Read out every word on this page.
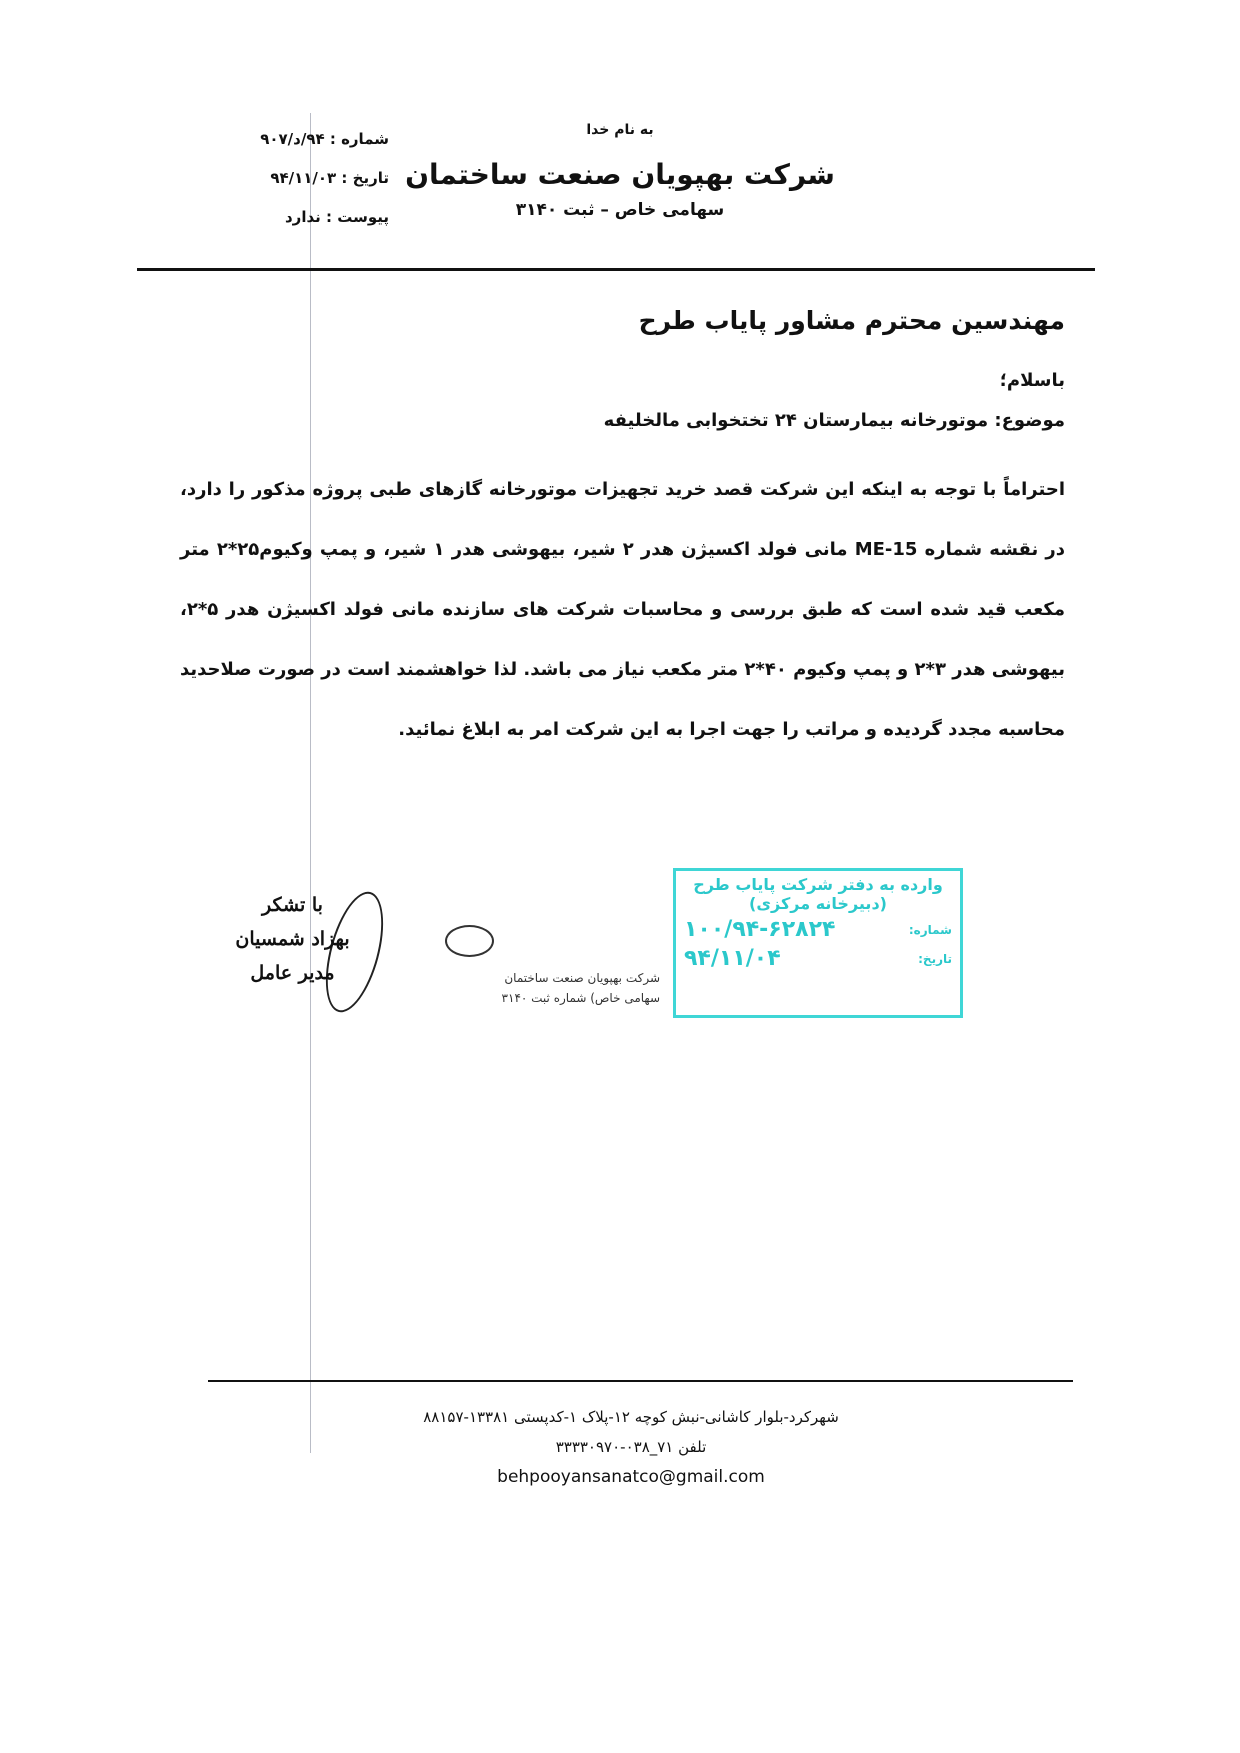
شماره : ۹۴/د/۹۰۷
تاریخ : ۹۴/۱۱/۰۳
پیوست : ندارد
به نام خدا
شرکت بهپویان صنعت ساختمان
سهامی خاص – ثبت ۳۱۴۰
مهندسین محترم مشاور پایاب طرح
باسلام؛
موضوع: موتورخانه بیمارستان ۲۴ تختخوابی مالخلیفه
احتراماً با توجه به اینکه این شرکت قصد خرید تجهیزات موتورخانه گازهای طبی پروژه مذکور را دارد، در نقشه شماره ME-15 مانی فولد اکسیژن هدر ۲ شیر، بیهوشی هدر ۱ شیر، و پمپ وکیوم۲۵*۲ متر مکعب قید شده است که طبق بررسی و محاسبات شرکت های سازنده مانی فولد اکسیژن هدر ۵*۲، بیهوشی هدر ۳*۲ و پمپ وکیوم ۴۰*۲ متر مکعب نیاز می باشد. لذا خواهشمند است در صورت صلاحدید محاسبه مجدد گردیده و مراتب را جهت اجرا به این شرکت امر به ابلاغ نمائید.
با تشکر
بهزاد شمسیان
مدیر عامل	شرکت بهپویان صنعت ساختمان
سهامی خاص) شماره ثبت ۳۱۴۰
وارده به دفتر شرکت پایاب طرح
(دبیرخانه مرکزی)
شماره:
۱۰۰/۹۴-۶۲۸۲۴
تاریخ:
۹۴/۱۱/۰۴
شهرکرد-بلوار کاشانی-نبش کوچه ۱۲-پلاک ۱-کدپستی ۱۳۳۸۱-۸۸۱۵۷
تلفن ۷۱_۰۳۸-۳۳۳۳۰۹۷۰
behpooyansanatco@gmail.com
